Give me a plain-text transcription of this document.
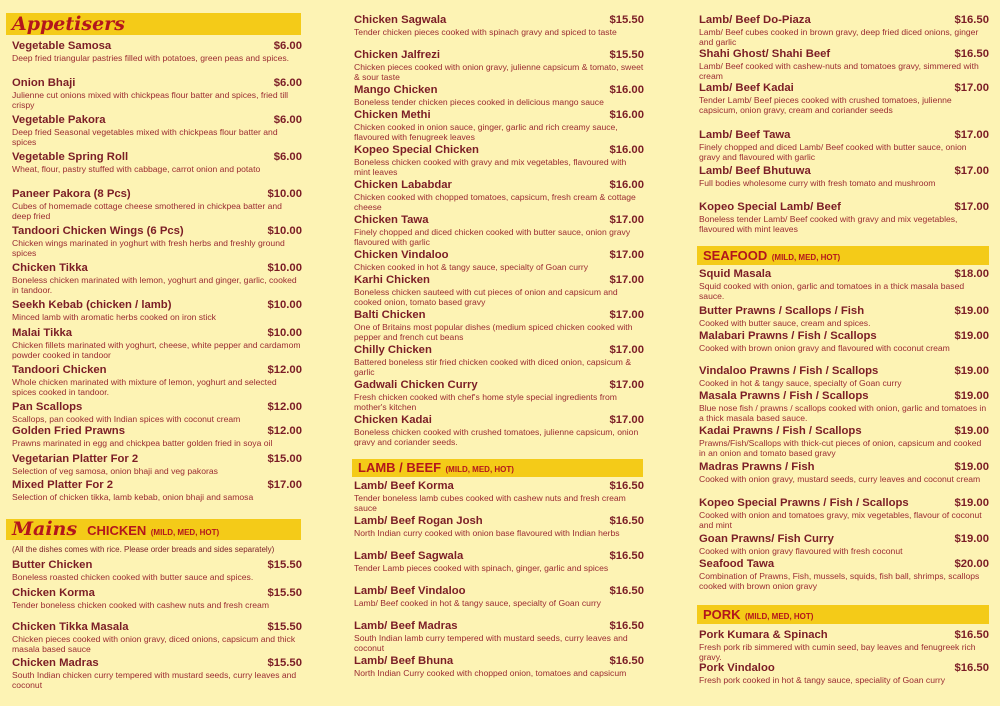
Appetisers
Vegetable Samosa	$6.00
Deep fried triangular pastries filled with potatoes, green peas and spices.
Onion Bhaji	$6.00
Julienne cut onions mixed with chickpeas flour batter and spices, fried till crispy
Vegetable Pakora	$6.00
Deep fried Seasonal vegetables mixed with chickpeas flour batter and spices
Vegetable Spring Roll	$6.00
Wheat, flour, pastry stuffed with cabbage, carrot onion and potato
Paneer Pakora (8 Pcs)	$10.00
Cubes of homemade cottage cheese smothered in chickpea batter and deep fried
Tandoori Chicken Wings (6 Pcs)	$10.00
Chicken wings marinated in yoghurt with fresh herbs and freshly ground spices
Chicken Tikka	$10.00
Boneless chicken marinated with lemon, yoghurt and ginger, garlic, cooked in tandoor.
Seekh Kebab (chicken / lamb)	$10.00
Minced lamb with aromatic herbs cooked on iron stick
Malai Tikka	$10.00
Chicken fillets marinated with yoghurt, cheese, white pepper and cardamom powder cooked in tandoor
Tandoori Chicken	$12.00
Whole chicken marinated with mixture of lemon, yoghurt and selected spices cooked in tandoor.
Pan Scallops	$12.00
Scallops, pan cooked with Indian spices with coconut cream
Golden Fried Prawns	$12.00
Prawns marinated in egg and chickpea batter golden fried in soya oil
Vegetarian Platter For 2	$15.00
Selection of veg samosa, onion bhaji and veg pakoras
Mixed Platter For 2	$17.00
Selection of chicken tikka, lamb kebab, onion bhaji and samosa
Mains CHICKEN (MILD, MED, HOT)
(All the dishes comes with rice. Please order breads and sides separately)
Butter Chicken	$15.50
Boneless roasted chicken cooked with butter sauce and spices.
Chicken Korma	$15.50
Tender boneless chicken cooked with cashew nuts and fresh cream
Chicken Tikka Masala	$15.50
Chicken pieces cooked with onion gravy, diced onions, capsicum and thick masala based sauce
Chicken Madras	$15.50
South Indian chicken curry tempered with mustard seeds, curry leaves and coconut
Chicken Sagwala	$15.50
Tender chicken pieces cooked with spinach gravy and spiced to taste
Chicken Jalfrezi	$15.50
Chicken pieces cooked with onion gravy, julienne capsicum & tomato, sweet & sour taste
Mango Chicken	$16.00
Boneless tender chicken pieces cooked in delicious mango sauce
Chicken Methi	$16.00
Chicken cooked in onion sauce, ginger, garlic and rich creamy sauce, flavoured with fenugreek leaves
Kopeo Special Chicken	$16.00
Boneless chicken cooked with gravy and mix vegetables, flavoured with mint leaves
Chicken Lababdar	$16.00
Chicken cooked with chopped tomatoes, capsicum, fresh cream & cottage cheese
Chicken Tawa	$17.00
Finely chopped and diced chicken cooked with butter sauce, onion gravy flavoured with garlic
Chicken Vindaloo	$17.00
Chicken cooked in hot & tangy sauce, specialty of Goan curry
Karhi Chicken	$17.00
Boneless chicken sauteed with cut pieces of onion and capsicum and cooked onion, tomato based gravy
Balti Chicken	$17.00
One of Britains most popular dishes (medium spiced chicken cooked with pepper and french cut beans
Chilly Chicken	$17.00
Battered boneless stir fried chicken cooked with diced onion, capsicum & garlic
Gadwali Chicken Curry	$17.00
Fresh chicken cooked with chef's home style special ingredients from mother's kitchen
Chicken Kadai	$17.00
Boneless chicken cooked with crushed tomatoes, julienne capsicum, onion gravy and coriander seeds.
LAMB / BEEF (MILD, MED, HOT)
Lamb/ Beef Korma	$16.50
Tender boneless lamb cubes cooked with cashew nuts and fresh cream sauce
Lamb/ Beef Rogan Josh	$16.50
North Indian curry cooked with onion base flavoured with Indian herbs
Lamb/ Beef Sagwala	$16.50
Tender Lamb pieces cooked with spinach, ginger, garlic and spices
Lamb/ Beef Vindaloo	$16.50
Lamb/ Beef cooked in hot & tangy sauce, specialty of Goan curry
Lamb/ Beef Madras	$16.50
South Indian lamb curry tempered with mustard seeds, curry leaves and coconut
Lamb/ Beef Bhuna	$16.50
North Indian Curry cooked with chopped onion, tomatoes and capsicum
Lamb/ Beef Do-Piaza	$16.50
Lamb/ Beef cubes cooked in brown gravy, deep fried diced onions, ginger and garlic
Shahi Ghost/ Shahi Beef	$16.50
Lamb/ Beef cooked with cashew-nuts and tomatoes gravy, simmered with cream
Lamb/ Beef Kadai	$17.00
Tender Lamb/ Beef pieces cooked with crushed tomatoes, julienne capsicum, onion gravy, cream and coriander seeds
Lamb/ Beef Tawa	$17.00
Finely chopped and diced Lamb/ Beef cooked with butter sauce, onion gravy and flavoured with garlic
Lamb/ Beef Bhutuwa	$17.00
Full bodies wholesome curry with fresh tomato and mushroom
Kopeo Special Lamb/ Beef	$17.00
Boneless tender Lamb/ Beef cooked with gravy and mix vegetables, flavoured with mint leaves
SEAFOOD (MILD, MED, HOT)
Squid Masala	$18.00
Squid cooked with onion, garlic and tomatoes in a thick masala based sauce.
Butter Prawns / Scallops / Fish	$19.00
Cooked with butter sauce, cream and spices.
Malabari Prawns / Fish / Scallops	$19.00
Cooked with brown onion gravy and flavoured with coconut cream
Vindaloo Prawns / Fish / Scallops	$19.00
Cooked in hot & tangy sauce, specialty of Goan curry
Masala Prawns / Fish / Scallops	$19.00
Blue nose fish / prawns / scallops cooked with onion, garlic and tomatoes in a thick masala based sauce.
Kadai Prawns / Fish / Scallops	$19.00
Prawns/Fish/Scallops with thick-cut pieces of onion, capsicum and cooked in an onion and tomato based gravy
Madras Prawns / Fish	$19.00
Cooked with onion gravy, mustard seeds, curry leaves and coconut cream
Kopeo Special Prawns / Fish / Scallops	$19.00
Cooked with onion and tomatoes gravy, mix vegetables, flavour of coconut and mint
Goan Prawns/ Fish Curry	$19.00
Cooked with onion gravy flavoured with fresh coconut
Seafood Tawa	$20.00
Combination of Prawns, Fish, mussels, squids, fish ball, shrimps, scallops cooked with brown onion gravy
PORK (MILD, MED, HOT)
Pork Kumara & Spinach	$16.50
Fresh pork rib simmered with cumin seed, bay leaves and fenugreek rich gravy.
Pork Vindaloo	$16.50
Fresh pork cooked in hot & tangy sauce, speciality of Goan curry
